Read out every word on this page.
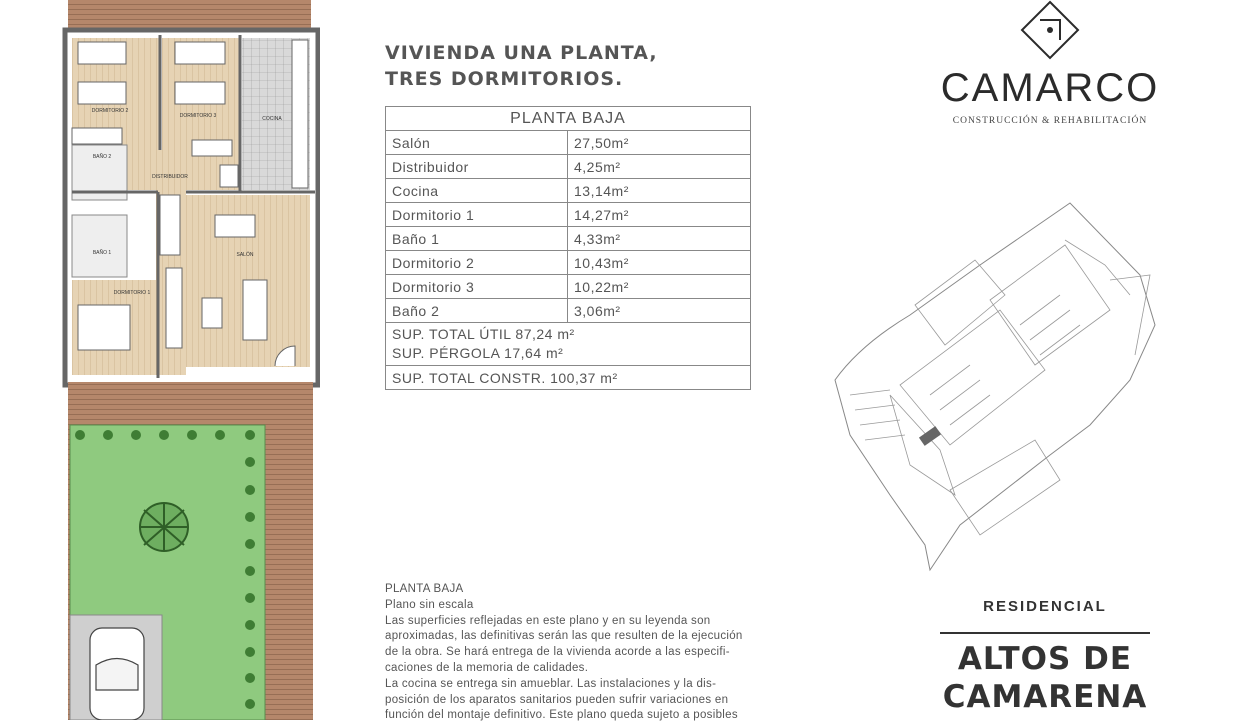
DORMITORIO 2
DORMITORIO 3	COCINA
BAÑO 2
DISTRIBUIDOR
BAÑO 1	SALÓN
DORMITORIO 1
VIVIENDA UNA PLANTA,
TRES DORMITORIOS.
PLANTA BAJA	
Salón	27,50m²
Distribuidor	4,25m²
Cocina	13,14m²
Dormitorio 1	14,27m²
Baño 1	4,33m²
Dormitorio 2	10,43m²
Dormitorio 3	10,22m²
Baño 2	3,06m²

SUP. TOTAL ÚTIL 87,24 m²
SUP. PÉRGOLA 17,64 m²	

SUP. TOTAL CONSTR. 100,37 m²	
PLANTA BAJA
Plano sin escala
Las superficies reflejadas en este plano y en su leyenda son
aproximadas, las definitivas serán las que resulten de la ejecución
de la obra. Se hará entrega de la vivienda acorde a las especifi-
caciones de la memoria de calidades.
La cocina se entrega sin amueblar. Las instalaciones y la dis-
posición de los aparatos sanitarios pueden sufrir variaciones en
función del montaje definitivo. Este plano queda sujeto a posibles
CAMARCO
CONSTRUCCIÓN & REHABILITACIÓN
RESIDENCIAL
ALTOS DE
CAMARENA
